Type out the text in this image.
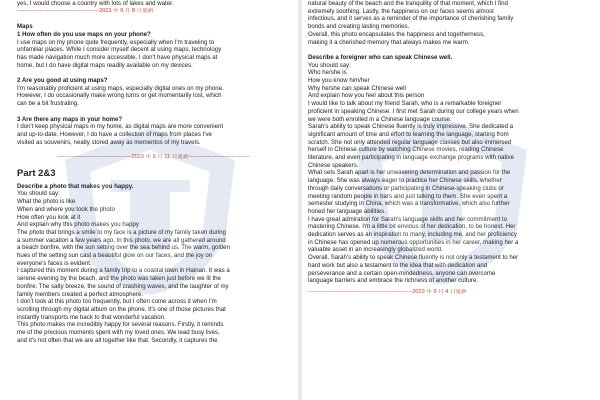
yes, I would choose a country with lots of lakes and water.
--------------------------------------------2023 年 9 月 8 日更新
Maps
1 How often do you use maps on your phone?
I use maps on my phone quite frequently, especially when I'm traveling to
unfamiliar places. While I consider myself decent at using maps, technology
has made navigation much more accessible. I don't have physical maps at
home, but I do have digital maps readily available on my devices.
2 Are you good at using maps?
I'm reasonably proficient at using maps, especially digital ones on my phone.
However, I do occasionally make wrong turns or get momentarily lost, which
can be a bit frustrating.
3 Are there any maps in your home?
I don't keep physical maps in my home, as digital maps are more convenient
and up-to-date. However, I do have a collection of maps from places I've
visited as souvenirs, neatly stored away as mementos of my travels.
----------------------------------------2023 年 9 月 11 日更新---------------------------------
Part 2&3
Describe a photo that makes you happy.
You should say:
What the photo is like
When and where you took the photo
How often you look at it
And explain why this photo makes you happy
The photo that brings a smile to my face is a picture of my family taken during
a summer vacation a few years ago. In this photo, we are all gathered around
a beach bonfire, with the sun setting over the sea behind us. The warm, golden
hues of the setting sun cast a beautiful glow on our faces, and the joy on
everyone's faces is evident.
I captured this moment during a family trip to a coastal town in Hainan. It was a
serene evening by the beach, and the photo was taken just before we lit the
bonfire. The salty breeze, the sound of crashing waves, and the laughter of my
family members created a perfect atmosphere.
I don't look at this photo too frequently, but I often come across it when I'm
scrolling through my digital album on the phone. It's one of those pictures that
instantly transports me back to that wonderful vacation.
This photo makes me incredibly happy for several reasons. Firstly, it reminds
me of the precious moments spent with my loved ones. We lead busy lives,
and it's not often that we are all together like that. Secondly, it captures the
natural beauty of the beach and the tranquility of that moment, which I find
extremely soothing. Lastly, the happiness on our faces seems almost
infectious, and it serves as a reminder of the importance of cherishing family
bonds and creating lasting memories.
Overall, this photo encapsulates the happiness and togetherness,
making it a cherished memory that always makes me warm.
Describe a foreigner who can speak Chinese well.
You should say:
Who he/she is
How you know him/her
Why he/she can speak Chinese well
And explain how you feel about this person
I would like to talk about my friend Sarah, who is a remarkable foreigner
proficient in speaking Chinese. I first met Sarah during our college years when
we were both enrolled in a Chinese language course.
Sarah's ability to speak Chinese fluently is truly impressive. She dedicated a
significant amount of time and effort to learning the language, starting from
scratch. She not only attended regular language classes but also immersed
herself in Chinese culture by watching Chinese movies, reading Chinese
literature, and even participating in language exchange programs with native
Chinese speakers.
What sets Sarah apart is her unwavering determination and passion for the
language. She was always eager to practice her Chinese skills, whether
through daily conversations or participating in Chinese-speaking clubs or
meeting random people in bars and just talking to them. She even spent a
semester studying in China, which was a transformative, which also further
honed her language abilities.
I have great admiration for Sarah's language skills and her commitment to
mastering Chinese. I'm a little bit envious of her dedication, to be honest. Her
dedication serves as an inspiration to many, including me, and her proficiency
in Chinese has opened up numerous opportunities in her career, making her a
valuable asset in an increasingly globalized world.
Overall, Sarah's ability to speak Chinese fluently is not only a testament to her
hard work but also a testament to the idea that with dedication and
perseverance and a certain open-mindedness, anyone can overcome
language barriers and embrace the richness of another culture.
--------------------------------------------------------2023 年 9 月 4 日更新
